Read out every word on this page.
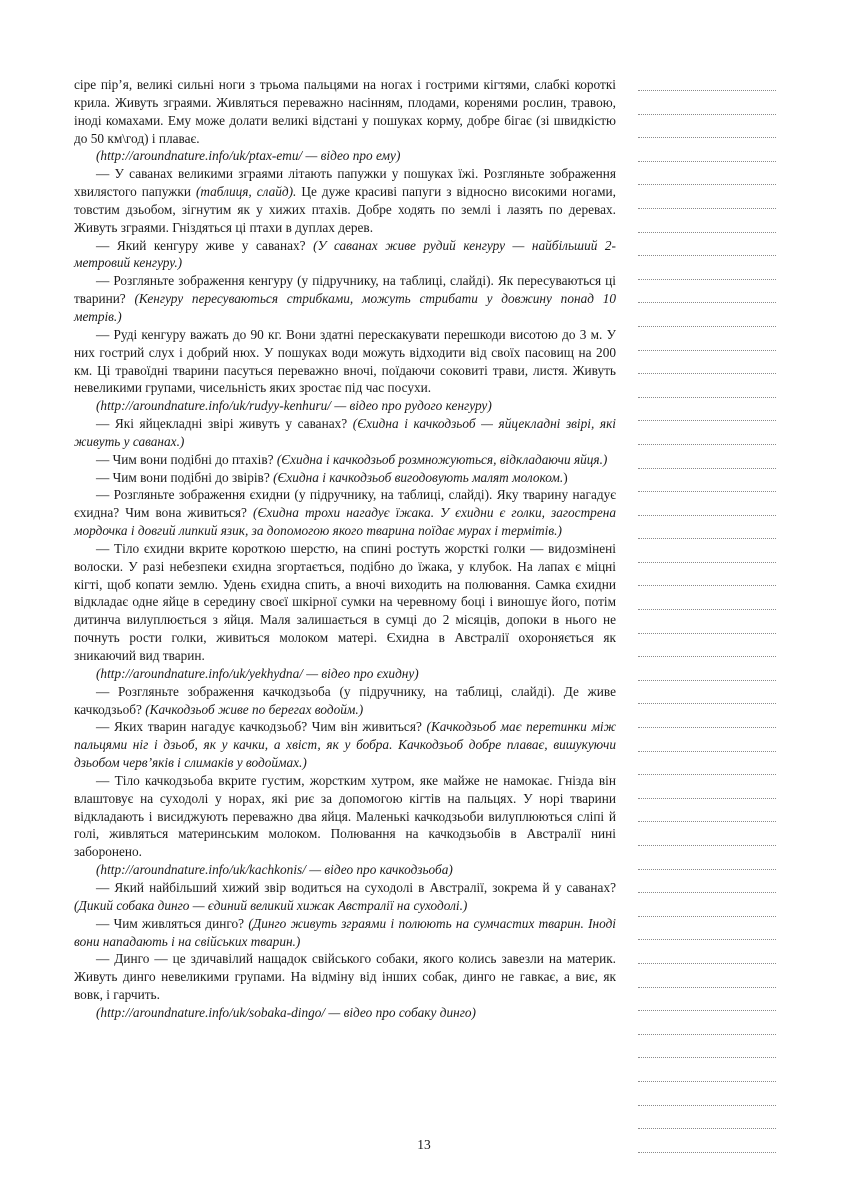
сіре пір’я, великі сильні ноги з трьома пальцями на ногах і гострими кігтями, слабкі короткі крила. Живуть зграями. Живляться переважно насінням, плодами, коренями рослин, травою, іноді комахами. Ему може долати великі відстані у пошуках корму, добре бігає (зі швидкістю до 50 км\год) і плаває.

(http://aroundnature.info/uk/ptax-emu/ — відео про ему)

— У саванах великими зграями літають папужки у пошуках їжі. Розгляньте зображення хвилястого папужки (таблиця, слайд). Це дуже красиві папуги з відносно високими ногами, товстим дзьобом, зігнутим як у хижих птахів. Добре ходять по землі і лазять по деревах. Живуть зграями. Гніздяться ці птахи в дуплах дерев.

— Який кенгуру живе у саванах? (У саванах живе рудий кенгуру — найбільший 2-метровий кенгуру.)

— Розгляньте зображення кенгуру (у підручнику, на таблиці, слайді). Як пересуваються ці тварини? (Кенгуру пересуваються стрибками, можуть стрибати у довжину понад 10 метрів.)

— Руді кенгуру важать до 90 кг. Вони здатні перескакувати перешкоди висотою до 3 м. У них гострий слух і добрий нюх. У пошуках води можуть відходити від своїх пасовищ на 200 км. Ці травоїдні тварини пасуться переважно вночі, поїдаючи соковиті трави, листя. Живуть невеликими групами, чисельність яких зростає під час посухи.

(http://aroundnature.info/uk/rudyy-kenhuru/ — відео про рудого кенгуру)

— Які яйцекладні звірі живуть у саванах? (Єхидна і качкодзьоб — яйцекладні звірі, які живуть у саванах.)

— Чим вони подібні до птахів? (Єхидна і качкодзьоб розмножуються, відкладаючи яйця.)

— Чим вони подібні до звірів? (Єхидна і качкодзьоб вигодовують малят молоком.)

— Розгляньте зображення єхидни (у підручнику, на таблиці, слайді). Яку тварину нагадує єхидна? Чим вона живиться? (Єхидна трохи нагадує їжака. У єхидни є голки, загострена мордочка і довгий липкий язик, за допомогою якого тварина поїдає мурах і термітів.)

— Тіло єхидни вкрите короткою шерстю, на спині ростуть жорсткі голки — видозмінені волоски. У разі небезпеки єхидна згортається, подібно до їжака, у клубок. На лапах є міцні кігті, щоб копати землю. Удень єхидна спить, а вночі виходить на полювання. Самка єхидни відкладає одне яйце в середину своєї шкірної сумки на черевному боці і виношує його, потім дитинча вилуплюється з яйця. Маля залишається в сумці до 2 місяців, допоки в нього не почнуть рости голки, живиться молоком матері. Єхидна в Австралії охороняється як зникаючий вид тварин.

(http://aroundnature.info/uk/yekhydna/ — відео про єхидну)

— Розгляньте зображення качкодзьоба (у підручнику, на таблиці, слайді). Де живе качкодзьоб? (Качкодзьоб живе по берегах водойм.)

— Яких тварин нагадує качкодзьоб? Чим він живиться? (Качкодзьоб має перетинки між пальцями ніг і дзьоб, як у качки, а хвіст, як у бобра. Качкодзьоб добре плаває, вишукуючи дзьобом черв’яків і слимаків у водоймах.)

— Тіло качкодзьоба вкрите густим, жорстким хутром, яке майже не намокає. Гнізда він влаштовує на суходолі у норах, які риє за допомогою кігтів на пальцях. У норі тварини відкладають і висиджують переважно два яйця. Маленькі качкодзьоби вилуплюються сліпі й голі, живляться материнським молоком. Полювання на качкодзьобів в Австралії нині заборонено.

(http://aroundnature.info/uk/kachkonis/ — відео про качкодзьоба)

— Який найбільший хижий звір водиться на суходолі в Австралії, зокрема й у саванах? (Дикий собака динго — єдиний великий хижак Австралії на суходолі.)

— Чим живляться динго? (Динго живуть зграями і полюють на сумчастих тварин. Іноді вони нападають і на свійських тварин.)

— Динго — це здичавілий нащадок свійського собаки, якого колись завезли на материк. Живуть динго невеликими групами. На відміну від інших собак, динго не гавкає, а виє, як вовк, і гарчить.

(http://aroundnature.info/uk/sobaka-dingo/ — відео про собаку динго)

13
